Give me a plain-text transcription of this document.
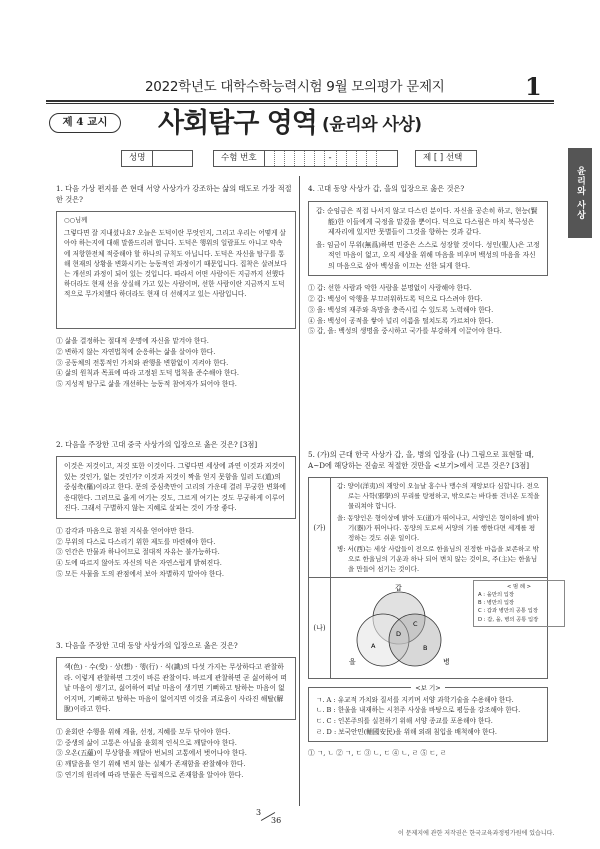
2022학년도 대학수학능력시험 9월 모의평가 문제지	1
제 4 교시	사회탐구 영역 (윤리와 사상)
성명	수험 번호	-	제 [ ] 선택
윤리와 사상
1. 다음 가상 편지를 쓴 현대 서양 사상가가 강조하는 삶의 태도로 가장 적절한 것은?
○○님께
그렇다면 잘 지내셨나요? 오늘은 도덕이란 무엇인지, 그리고 우리는 어떻게 살아야 하는지에 대해 말씀드리려 합니다. 도덕은 행위의 일람표도 아니고 약속에 저항한전체 적중해야 할 하나의 규칙도 아닙니다. 도덕은 자신을 탐구를 통해 현재의 상황을 변화시키는 능동적인 과정이기 때문입니다. 집착은 살려보다는 개선의 과정이 되어 있는 것입니다. 따라서 어떤 사람이든 지금까지 선했다 하더라도 현재 선을 상실해 가고 있는 사람이며, 선한 사람이란 지금까지 도덕적으로 무가치했다 하더라도 현재 더 선해지고 있는 사람입니다.
① 삶을 결정하는 절대적 운명에 자신을 맡겨야 한다.
② 변하지 않는 자연법칙에 순응하는 삶을 살아야 한다.
③ 공동체의 전통적인 가치와 관행을 변함없이 지켜야 한다.
④ 삶의 원칙과 목표에 따라 고정된 도덕 법칙을 준수해야 한다.
⑤ 지성적 탐구로 삶을 개선하는 능동적 참여자가 되어야 한다.
2. 다음을 주장한 고대 중국 사상가의 입장으로 옳은 것은? [3점]
이것은 저것이고, 저것 또한 이것이다. 그렇다면 세상에 과연 이것과 저것이 있는 것인가, 없는 것인가? 이것과 저것이 짝을 얻지 못함을 일러 도(道)의 중심축(樞)이라고 한다. 문의 중심축만이 고리의 가운데 결러 무궁한 변화에 응대한다. 그러므로 옳게 여기는 것도, 그르게 여기는 것도 무궁하게 이루어진다. 그래서 구별하지 않는 지혜로 살피는 것이 가장 좋다.
① 감각과 마음으로 참된 지식을 얻어야만 한다.
② 무위의 다스로 다스리기 위한 제도를 마련해야 한다.
③ 인간은 만물과 하나이므로 절대적 자유는 불가능하다.
④ 도에 따르지 않아도 자신의 덕은 자연스럽게 밝혀진다.
⑤ 모든 사물을 도의 관점에서 보아 차별하지 말아야 한다.
3. 다음을 주장한 고대 동양 사상가의 입장으로 옳은 것은?
색(色) · 수(受) · 상(想) · 행(行) · 식(識)의 다섯 가지는 무상하다고 관찰하라. 이렇게 관찰하면 그것이 바른 관찰이다. 바르게 관찰하면 곧 싫어하여 떠날 마음이 생기고, 싫어하여 떠날 마음이 생기면 기뻐하고 탐하는 마음이 없어지며, 기뻐하고 탐하는 마음이 없어지면 이것을 괴로움이 사라진 해탈(解脫)이라고 한다.
① 윤회란 수행을 위해 계율, 선정, 지혜를 모두 닦아야 한다.
② 중생의 삶이 고통은 아닐을 윤회적 인식으로 깨달아야 한다.
③ 오온(五蘊)이 무상함을 깨달아 번뇌의 고통에서 벗어나야 한다.
④ 깨달음을 얻기 위해 변치 않는 실체가 존재함을 관찰해야 한다.
⑤ 연기의 원리에 따라 만물은 독립적으로 존재함을 알아야 한다.
4. 고대 동양 사상가 갑, 을의 입장으로 옳은 것은?
갑: 순임금은 직접 나서지 않고 다스린 분이다. 자신을 공손히 하고, 현능(賢能)한 이들에게 국정을 맡겼을 뿐이다. 덕으로 다스림은 마치 북극성은 제자리에 있지만 뭇별들이 그것을 향하는 것과 같다.
을: 임금이 무위(無爲)하면 민중은 스스로 성장할 것이다. 성인(聖人)은 고정적인 마음이 없고, 오직 세상을 위해 마음을 비우며 백성의 마음을 자신의 마음으로 삼아 백성을 이끄는 선한 되게 한다.
① 갑: 선한 사람과 악한 사람을 분명없이 사랑해야 한다.
② 갑: 백성이 악행을 부끄러워하도록 덕으로 다스려야 한다.
③ 을: 백성의 재주와 욕망을 충족시킬 수 있도록 노력해야 한다.
④ 을: 백성이 공적을 쌓아 널리 이름을 떨치도록 가르쳐야 한다.
⑤ 갑, 을: 백성의 생명을 중시하고 국가를 부강하게 이끌어야 한다.
5. (가)의 근대 한국 사상가 갑, 을, 병의 입장을 (나) 그림으로 표현할 때, A~D에 해당하는 진술로 적절한 것만을 <보기>에서 고른 것은? [3점]
(가)
갑: 양이(洋夷)의 재앙이 오늘날 홍수나 맹수의 재앙보다 심합니다. 전으로는 사학(邪學)의 무리를 탕평하고, 밖으로는 바다를 건너온 도적을 물리쳐야 합니다.
을: 동양인은 형이상에 밝아 도(道)가 뛰어나고, 서양인은 형이하에 밝아 기(器)가 뛰어나다. 동양의 도로써 서양의 기를 행한다면 세계를 평정하는 것도 쉬운 일이다.
병: 서(西)는 세상 사람들이 전으로 한울님의 진정한 마음을 보존하고 밖으로 한울님의 기운과 하나 되어 변치 않는 것이요, 주(主)는 한울님을 만들어 섬기는 것이다.
(나)
갑
을	병
A	B
C
D
< 범 례 >
A : 을만의 입장
B : 병만의 입장
C : 갑과 병만의 공통 입장
D : 갑, 을, 병의 공통 입장
<보 기>
ㄱ. A : 유교적 가치와 질서를 지키며 서양 과학기술을 수용해야 한다.
ㄴ. B : 한울을 내재하는 시천주 사상을 바탕으로 평등을 강조해야 한다.
ㄷ. C : 인본주의를 실천하기 위해 서양 종교를 포용해야 한다.
ㄹ. D : 보국안민(輔國安民)을 위해 외래 침입을 배척해야 한다.
① ㄱ, ㄴ ② ㄱ, ㄷ ③ ㄴ, ㄷ ④ ㄴ, ㄹ ⑤ ㄷ, ㄹ
3
36
이 문제지에 관한 저작권은 한국교육과정평가원에 있습니다.
